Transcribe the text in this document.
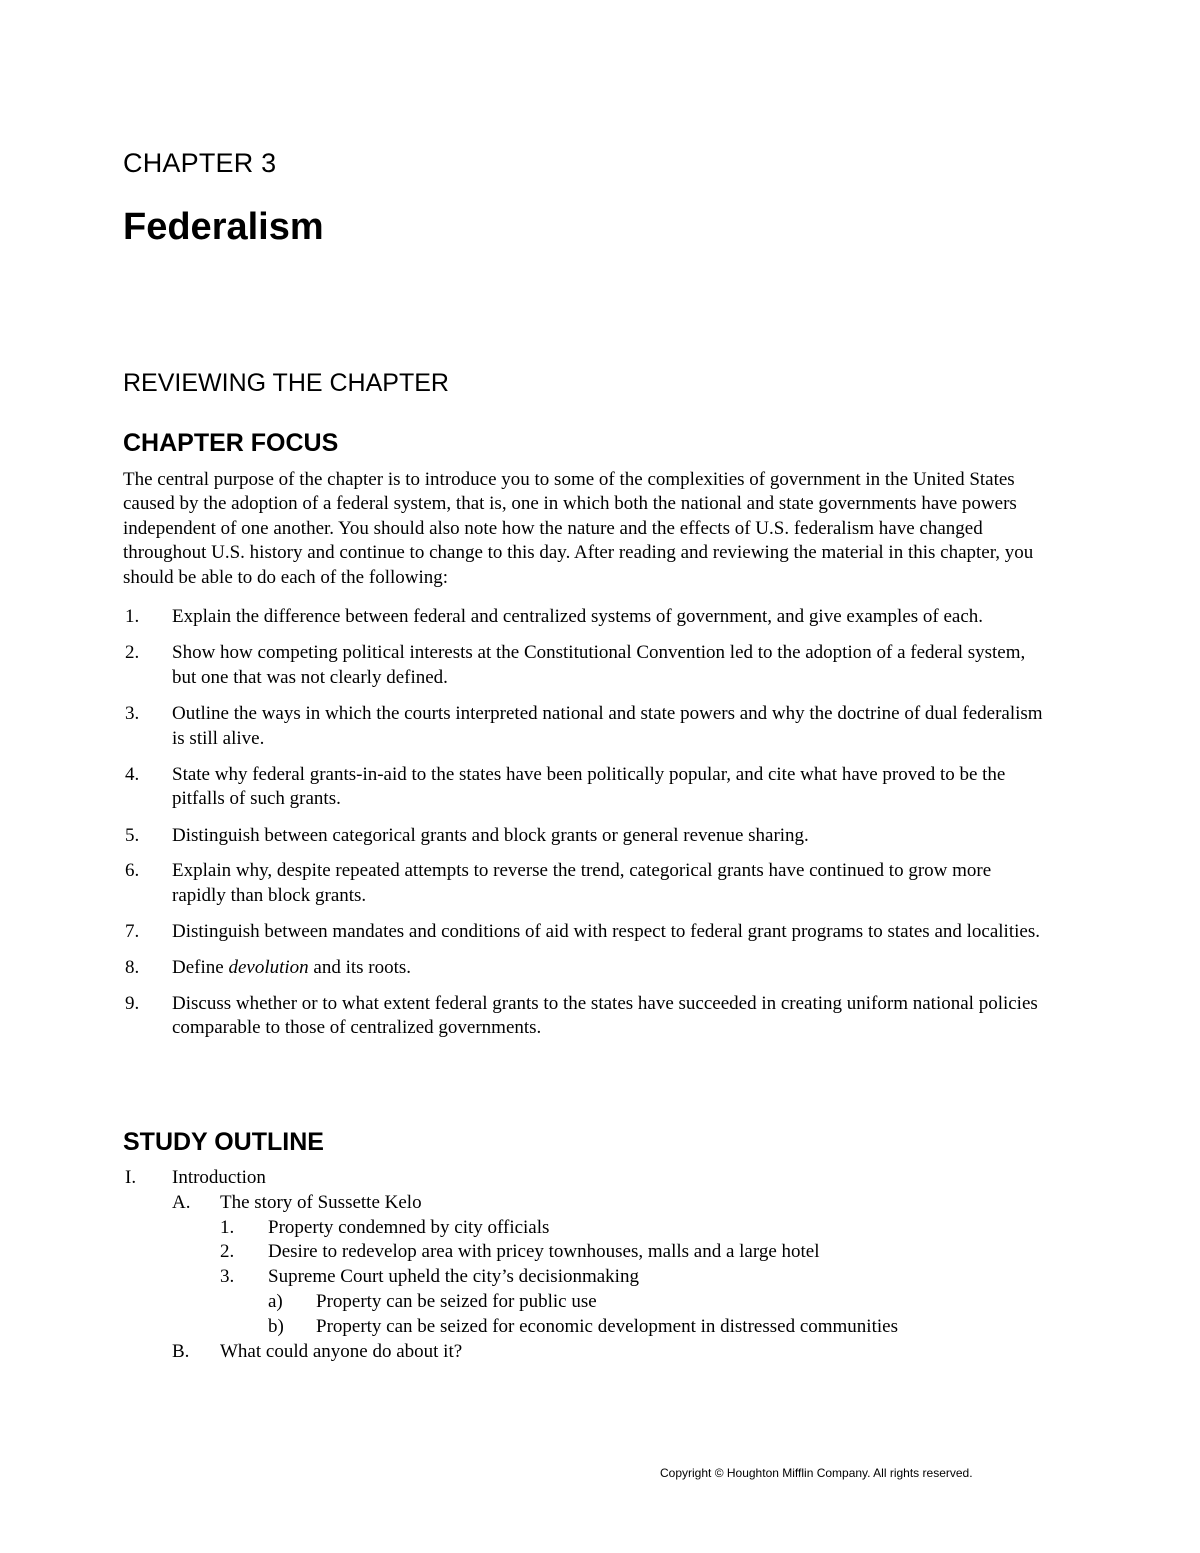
CHAPTER 3
Federalism
REVIEWING THE CHAPTER
CHAPTER FOCUS

The central purpose of the chapter is to introduce you to some of the complexities of government in the United States caused by the adoption of a federal system, that is, one in which both the national and state governments have powers independent of one another. You should also note how the nature and the effects of U.S. federalism have changed throughout U.S. history and continue to change to this day. After reading and reviewing the material in this chapter, you should be able to do each of the following:

1. Explain the difference between federal and centralized systems of government, and give examples of each.
2. Show how competing political interests at the Constitutional Convention led to the adoption of a federal system, but one that was not clearly defined.
3. Outline the ways in which the courts interpreted national and state powers and why the doctrine of dual federalism is still alive.
4. State why federal grants-in-aid to the states have been politically popular, and cite what have proved to be the pitfalls of such grants.
5. Distinguish between categorical grants and block grants or general revenue sharing.
6. Explain why, despite repeated attempts to reverse the trend, categorical grants have continued to grow more rapidly than block grants.
7. Distinguish between mandates and conditions of aid with respect to federal grant programs to states and localities.
8. Define devolution and its roots.
9. Discuss whether or to what extent federal grants to the states have succeeded in creating uniform national policies comparable to those of centralized governments.
STUDY OUTLINE
I. Introduction
A. The story of Sussette Kelo
1. Property condemned by city officials
2. Desire to redevelop area with pricey townhouses, malls and a large hotel
3. Supreme Court upheld the city’s decisionmaking
a) Property can be seized for public use
b) Property can be seized for economic development in distressed communities
B. What could anyone do about it?
Copyright © Houghton Mifflin Company. All rights reserved.
